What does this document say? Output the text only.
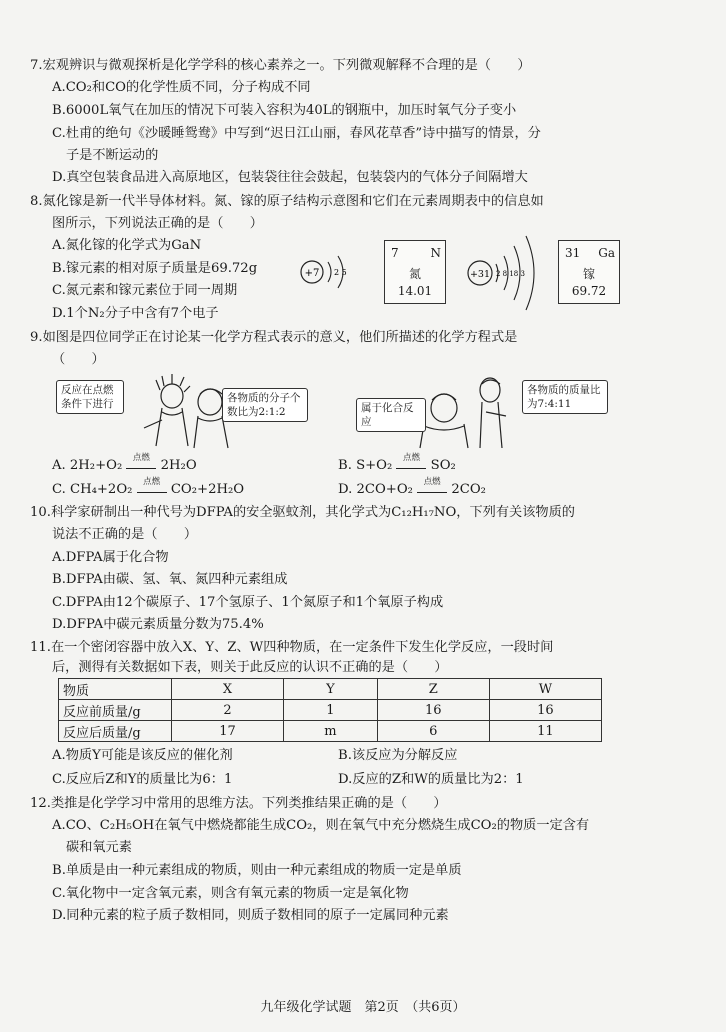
7.宏观辨识与微观探析是化学学科的核心素养之一。下列微观解释不合理的是（　　）
A.CO₂和CO的化学性质不同，分子构成不同
B.6000L氧气在加压的情况下可装入容积为40L的钢瓶中，加压时氧气分子变小
C.杜甫的绝句《沙暖睡鸳鸯》中写到“迟日江山丽，春风花草香”诗中描写的情景，分
子是不断运动的
D.真空包装食品进入高原地区，包装袋往往会鼓起，包装袋内的气体分子间隔增大
8.氮化镓是新一代半导体材料。氮、镓的原子结构示意图和它们在元素周期表中的信息如
图所示，下列说法正确的是（　　）
A.氮化镓的化学式为GaN
B.镓元素的相对原子质量是69.72g
C.氮元素和镓元素位于同一周期
D.1个N₂分子中含有7个电子
+7 2 5
7	N
氮
14.01
+31 2 8 18 3
31 Ga
镓
69.72
9.如图是四位同学正在讨论某一化学方程式表示的意义，他们所描述的化学方程式是
（　　）
反应在点燃条件下进行	各物质的分子个数比为2:1:2	属于化合反应
各物质的质量比为7:4:11
A. 2H₂+O₂	点燃 2H₂O	B. S+O₂	点燃 SO₂
C. CH₄+2O₂	点燃 CO₂+2H₂O	D. 2CO+O₂	点燃 2CO₂
10.科学家研制出一种代号为DFPA的安全驱蚊剂，其化学式为C₁₂H₁₇NO，下列有关该物质的
说法不正确的是（　　）
A.DFPA属于化合物
B.DFPA由碳、氢、氧、氮四种元素组成
C.DFPA由12个碳原子、17个氢原子、1个氮原子和1个氧原子构成
D.DFPA中碳元素质量分数为75.4%
11.在一个密闭容器中放入X、Y、Z、W四种物质，在一定条件下发生化学反应，一段时间
后，测得有关数据如下表，则关于此反应的认识不正确的是（　　）
物质	X	Y	Z	W
反应前质量/g	2	1	16	16
反应后质量/g	17	m	6	11
A.物质Y可能是该反应的催化剂	B.该反应为分解反应
C.反应后Z和Y的质量比为6：1	D.反应的Z和W的质量比为2：1
12.类推是化学学习中常用的思维方法。下列类推结果正确的是（　　）
A.CO、C₂H₅OH在氧气中燃烧都能生成CO₂，则在氧气中充分燃烧生成CO₂的物质一定含有
碳和氧元素
B.单质是由一种元素组成的物质，则由一种元素组成的物质一定是单质
C.氧化物中一定含氧元素，则含有氧元素的物质一定是氧化物
D.同种元素的粒子质子数相同，则质子数相同的原子一定属同种元素
九年级化学试题　第2页　（共6页）
